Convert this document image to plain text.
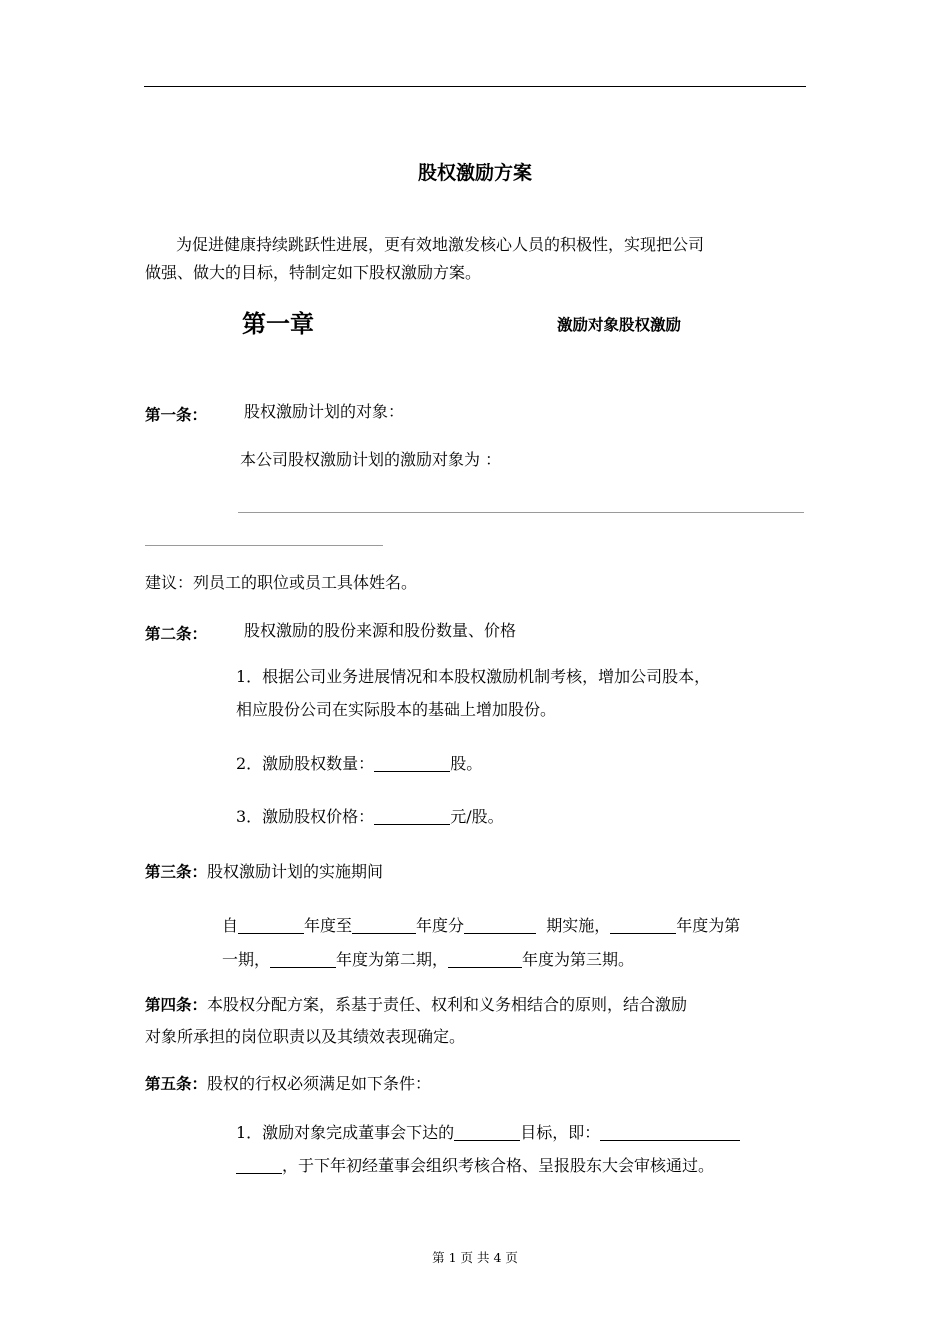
股权激励方案
为促进健康持续跳跃性进展，更有效地激发核心人员的积极性，实现把公司
做强、做大的目标，特制定如下股权激励方案。
第一章	激励对象股权激励
第一条： 股权激励计划的对象：
本公司股权激励计划的激励对象为 ：
建议：列员工的职位或员工具体姓名。
第二条： 股权激励的股份来源和股份数量、价格
1．根据公司业务进展情况和本股权激励机制考核，增加公司股本，
相应股份公司在实际股本的基础上增加股份。
2．激励股权数量：	股。
3．激励股权价格：	元/股。
第三条：股权激励计划的实施期间
自	年度至	年度分	期实施，	年度为第
一期，	年度为第二期，	年度为第三期。
第四条：本股权分配方案，系基于责任、权利和义务相结合的原则，结合激励
对象所承担的岗位职责以及其绩效表现确定。
第五条：股权的行权必须满足如下条件：
1．激励对象完成董事会下达的	目标，即：
，于下年初经董事会组织考核合格、呈报股东大会审核通过。
第 1 页 共 4 页
